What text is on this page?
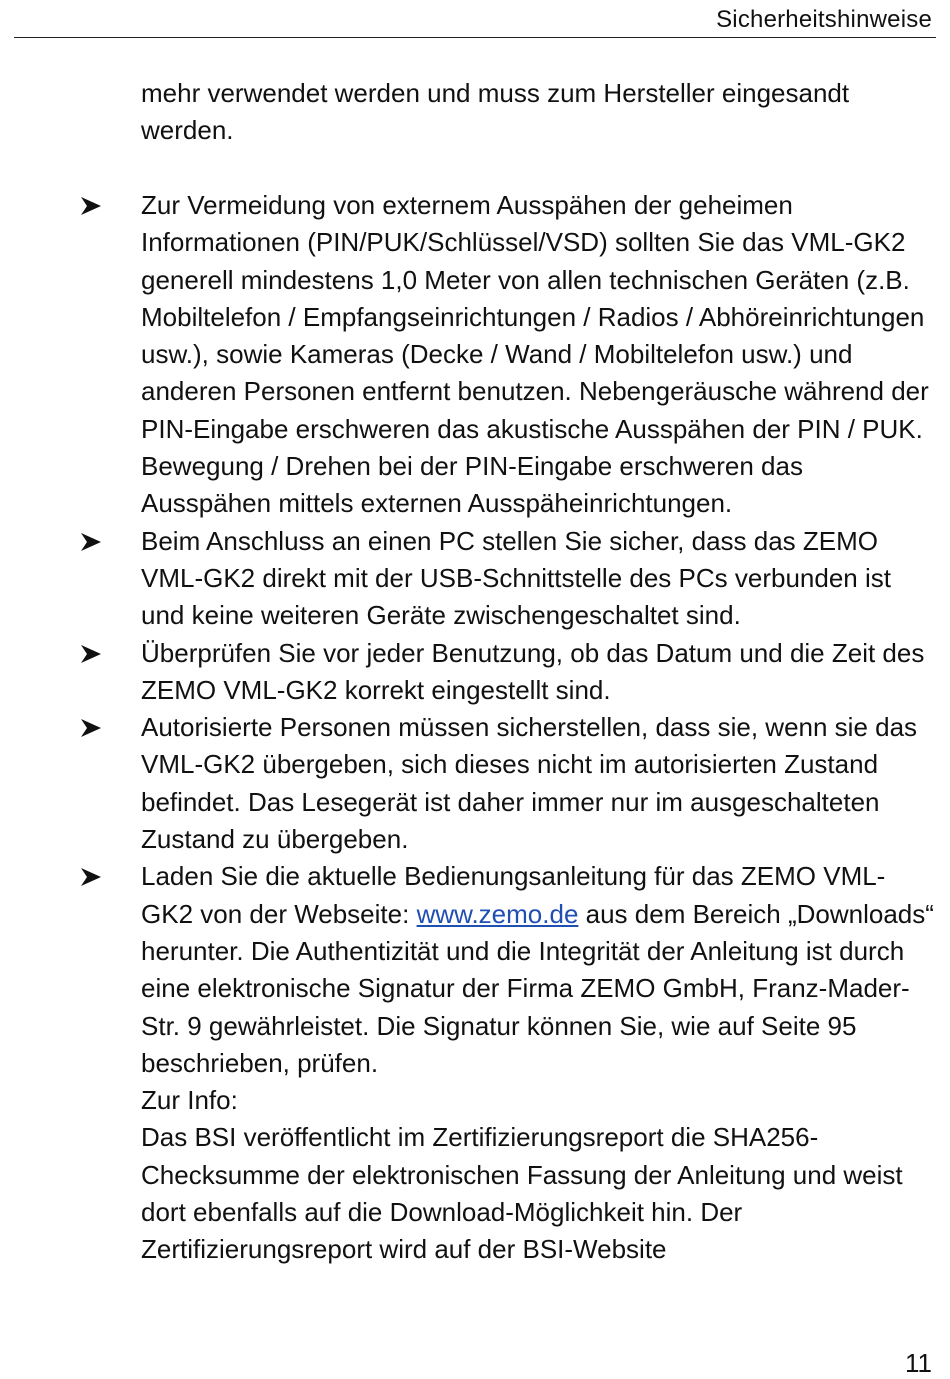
Sicherheitshinweise

mehr verwendet werden und muss zum Hersteller eingesandt werden.

Zur Vermeidung von externem Ausspähen der geheimen Informationen (PIN/PUK/Schlüssel/VSD) sollten Sie das VML-GK2 generell mindestens 1,0 Meter von allen technischen Geräten (z.B. Mobiltelefon / Empfangseinrichtungen / Radios / Abhöreinrichtungen usw.), sowie Kameras (Decke / Wand / Mobiltelefon usw.) und anderen Personen entfernt benutzen. Nebengeräusche während der PIN-Eingabe erschweren das akustische Ausspähen der PIN / PUK. Bewegung / Drehen bei der PIN-Eingabe erschweren das Ausspähen mittels externen Ausspäheinrichtungen.

Beim Anschluss an einen PC stellen Sie sicher, dass das ZEMO VML-GK2 direkt mit der USB-Schnittstelle des PCs verbunden ist und keine weiteren Geräte zwischengeschaltet sind.

Überprüfen Sie vor jeder Benutzung, ob das Datum und die Zeit des ZEMO VML-GK2 korrekt eingestellt sind.

Autorisierte Personen müssen sicherstellen, dass sie, wenn sie das VML-GK2 übergeben, sich dieses nicht im autorisierten Zustand befindet. Das Lesegerät ist daher immer nur im ausgeschalteten Zustand zu übergeben.

Laden Sie die aktuelle Bedienungsanleitung für das ZEMO VML-GK2 von der Webseite: www.zemo.de aus dem Bereich „Downloads“ herunter. Die Authentizität und die Integrität der Anleitung ist durch eine elektronische Signatur der Firma ZEMO GmbH, Franz-Mader-Str. 9 gewährleistet. Die Signatur können Sie, wie auf Seite 95 beschrieben, prüfen.

Zur Info:

Das BSI veröffentlicht im Zertifizierungsreport die SHA256-Checksumme der elektronischen Fassung der Anleitung und weist dort ebenfalls auf die Download-Möglichkeit hin. Der Zertifizierungsreport wird auf der BSI-Website

11
